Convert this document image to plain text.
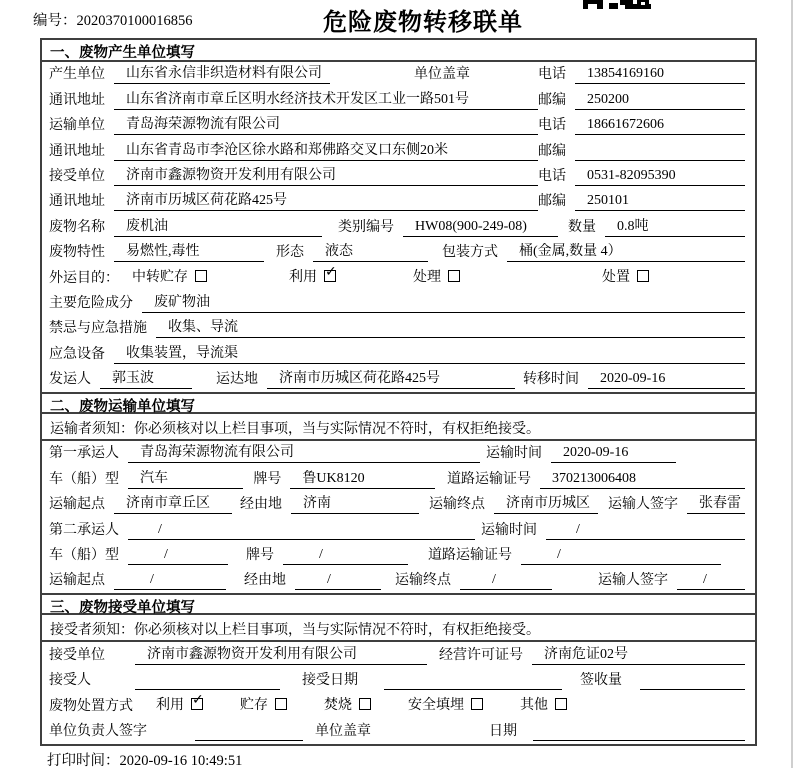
编号：2020370100016856	危险废物转移联单
一、废物产生单位填写
产生单位	山东省永信非织造材料有限公司	单位盖章	电话	13854169160
通讯地址	山东省济南市章丘区明水经济技术开发区工业一路501号	邮编	250200
运输单位	青岛海荣源物流有限公司	电话	18661672606
通讯地址	山东省青岛市李沧区徐水路和郑佛路交叉口东侧20米	邮编
接受单位	济南市鑫源物资开发利用有限公司	电话	0531-82095390
通讯地址	济南市历城区荷花路425号	邮编	250101
废物名称	废机油	类别编号	HW08(900-249-08)	数量	0.8吨
废物特性	易燃性,毒性	形态	液态	包装方式	桶(金属,数量 4）
外运目的： 中转贮存	利用 ✓	处理	处置
主要危险成分	废矿物油
禁忌与应急措施	收集、导流
应急设备	收集装置，导流渠
发运人	郭玉波	运达地	济南市历城区荷花路425号	转移时间	2020-09-16
二、废物运输单位填写
运输者须知：你必须核对以上栏目事项，当与实际情况不符时，有权拒绝接受。
第一承运人	青岛海荣源物流有限公司	运输时间	2020-09-16
车（船）型	汽车	牌号	鲁UK8120	道路运输证号	370213006408
运输起点	济南市章丘区	经由地	济南	运输终点	济南市历城区	运输人签字	张春雷
第二承运人	/	运输时间	/
车（船）型	/	牌号	/	道路运输证号	/
运输起点	/	经由地	/	运输终点	/	运输人签字	/
三、废物接受单位填写
接受者须知：你必须核对以上栏目事项，当与实际情况不符时，有权拒绝接受。
接受单位	济南市鑫源物资开发利用有限公司	经营许可证号	济南危证02号
接受人	接受日期	签收量
废物处置方式 利用 ✓	贮存	焚烧	安全填埋	其他
单位负责人签字	单位盖章	日期
打印时间：2020-09-16 10:49:51
